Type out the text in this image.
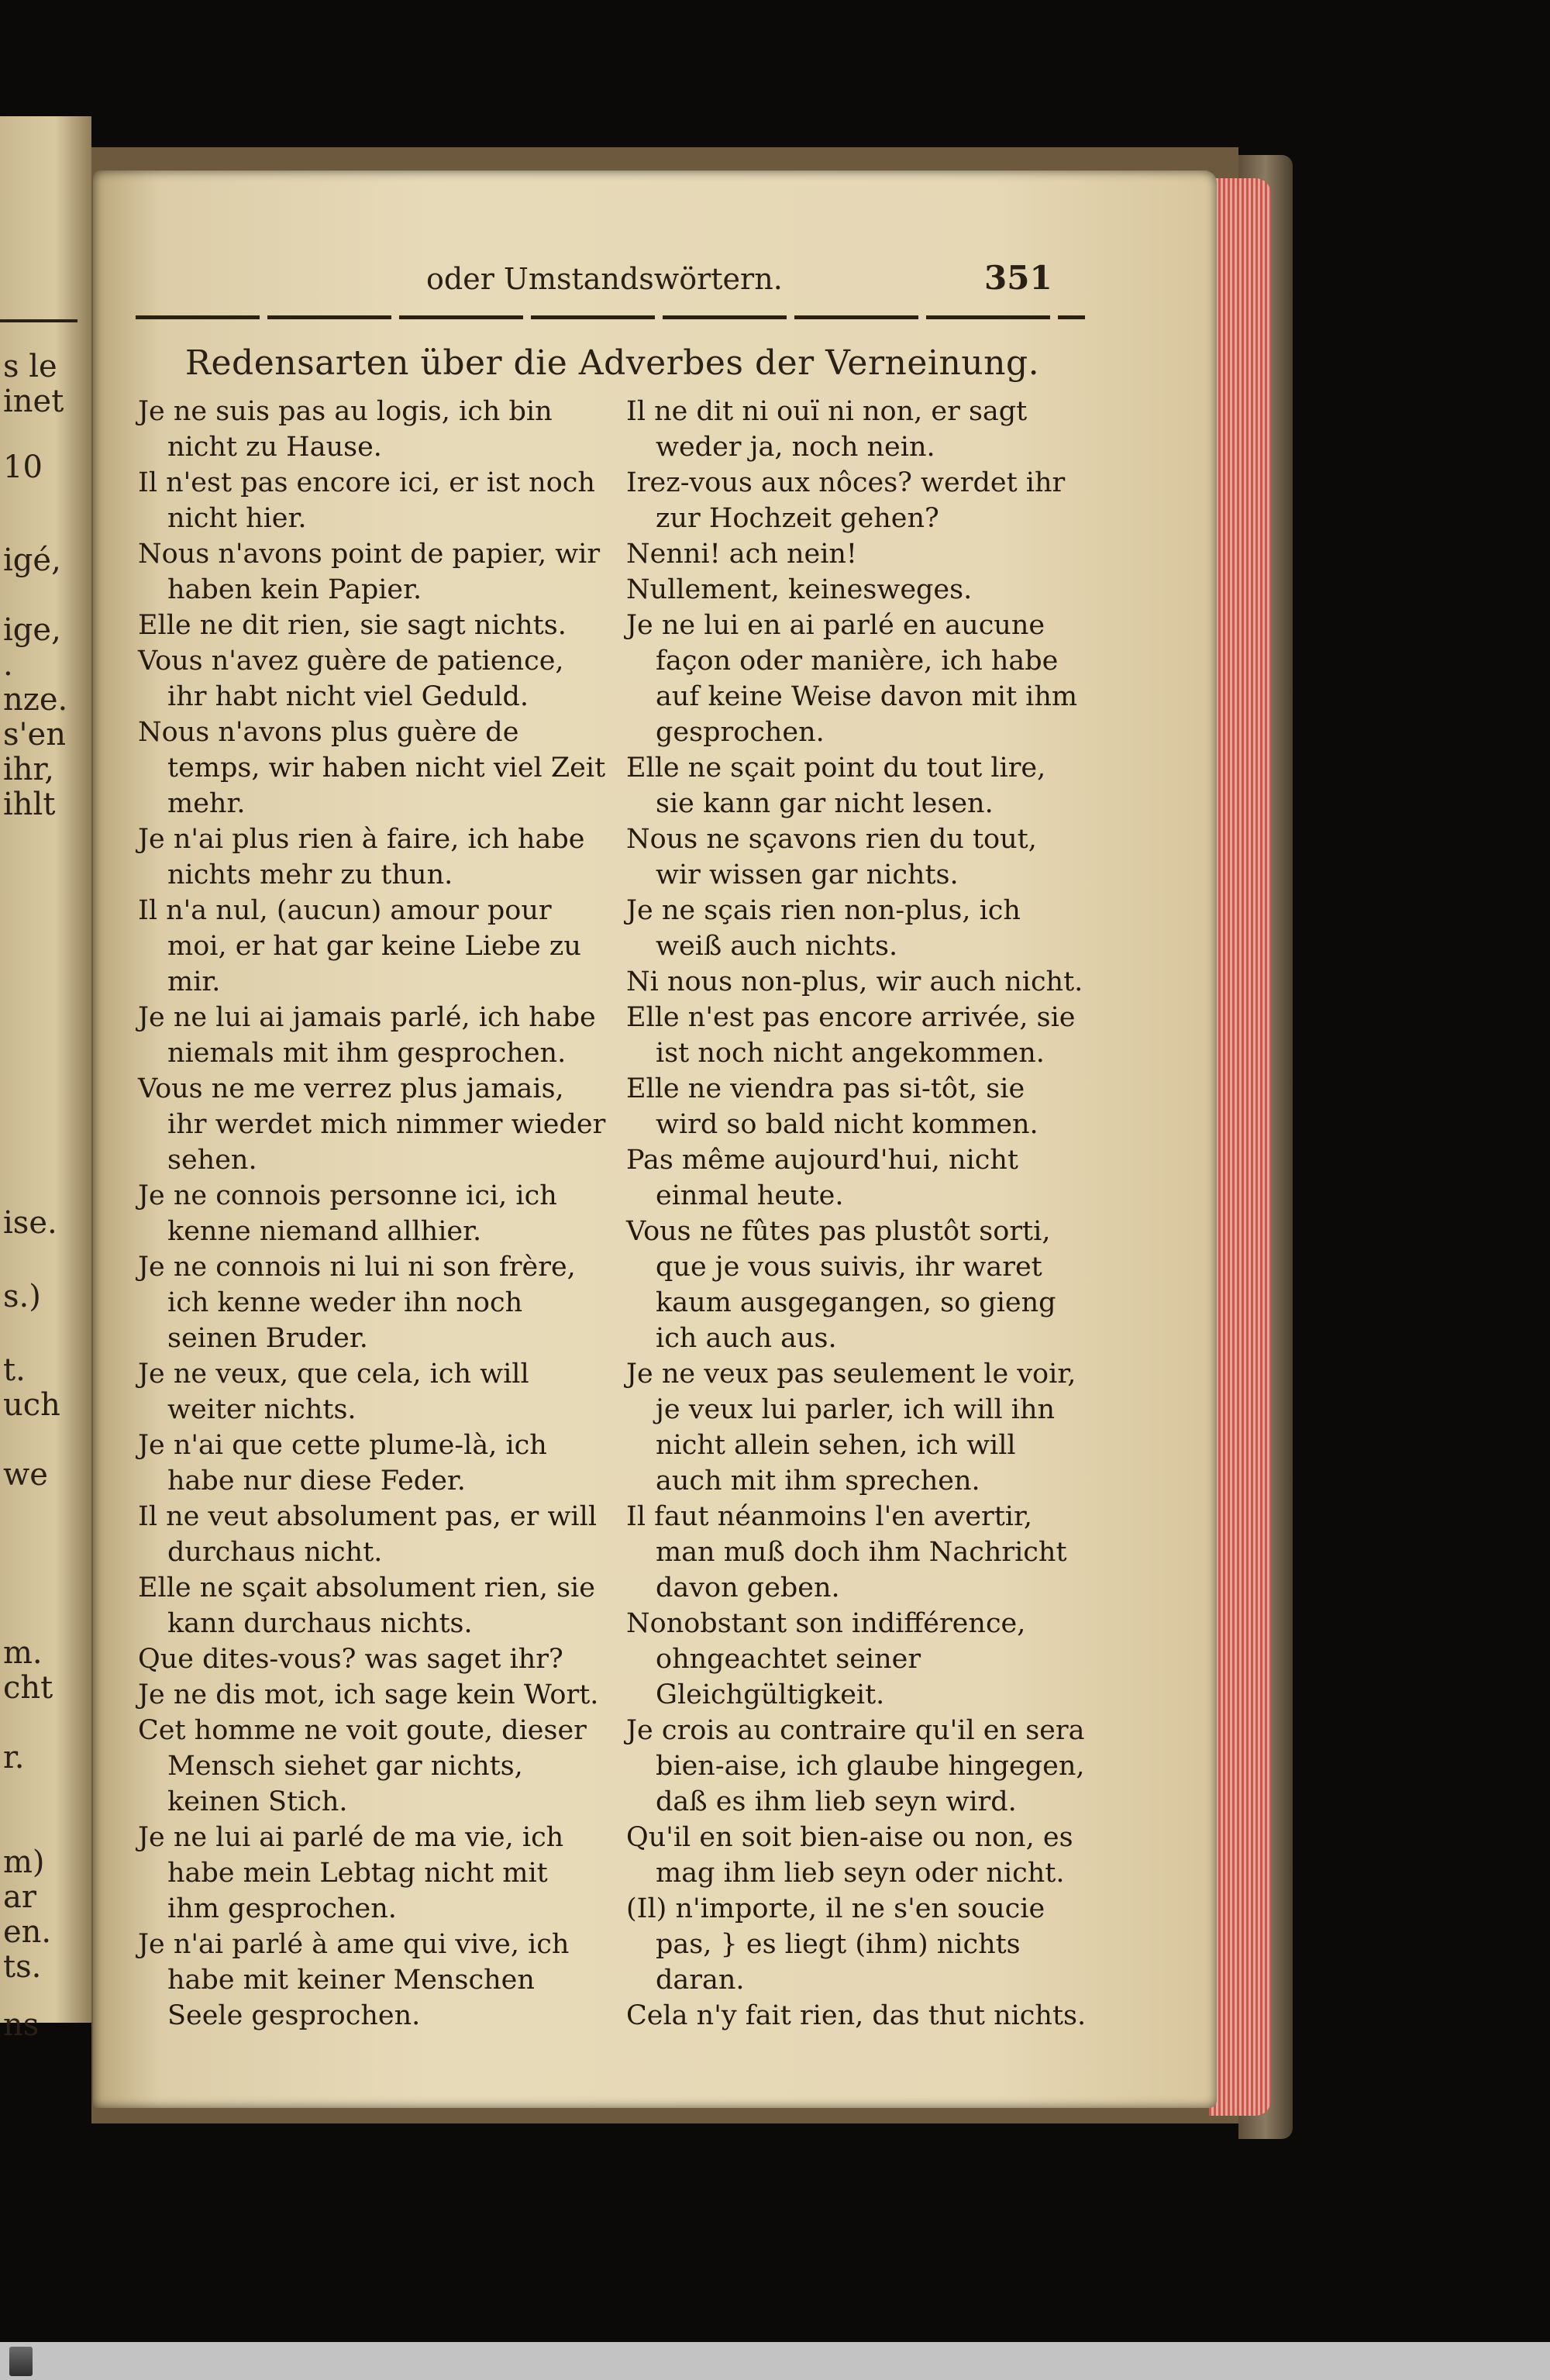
s le
inet
10
igé,
ige,
.
nze.
s'en
ihr,
ihlt
ise.
s.)
t.
uch
we
m.
cht
r.
m)
ar
en.
ts.
ns
oder Umstandswörtern.	351
Redensarten über die Adverbes der Verneinung.
Je ne suis pas au logis, ich bin nicht zu Hause.
Il n'est pas encore ici, er ist noch nicht hier.
Nous n'avons point de papier, wir haben kein Papier.
Elle ne dit rien, sie sagt nichts.
Vous n'avez guère de patience, ihr habt nicht viel Geduld.
Nous n'avons plus guère de temps, wir haben nicht viel Zeit mehr.
Je n'ai plus rien à faire, ich habe nichts mehr zu thun.
Il n'a nul, (aucun) amour pour moi, er hat gar keine Liebe zu mir.
Je ne lui ai jamais parlé, ich habe niemals mit ihm gesprochen.
Vous ne me verrez plus jamais, ihr werdet mich nimmer wieder sehen.
Je ne connois personne ici, ich kenne niemand allhier.
Je ne connois ni lui ni son frère, ich kenne weder ihn noch seinen Bruder.
Je ne veux, que cela, ich will weiter nichts.
Je n'ai que cette plume-là, ich habe nur diese Feder.
Il ne veut absolument pas, er will durchaus nicht.
Elle ne sçait absolument rien, sie kann durchaus nichts.
Que dites-vous? was saget ihr?
Je ne dis mot, ich sage kein Wort.
Cet homme ne voit goute, dieser Mensch siehet gar nichts, keinen Stich.
Je ne lui ai parlé de ma vie, ich habe mein Lebtag nicht mit ihm gesprochen.
Je n'ai parlé à ame qui vive, ich habe mit keiner Menschen Seele gesprochen.
Il ne dit ni ouï ni non, er sagt weder ja, noch nein.
Irez-vous aux nôces? werdet ihr zur Hochzeit gehen?
Nenni! ach nein!
Nullement, keinesweges.
Je ne lui en ai parlé en aucune façon oder manière, ich habe auf keine Weise davon mit ihm gesprochen.
Elle ne sçait point du tout lire, sie kann gar nicht lesen.
Nous ne sçavons rien du tout, wir wissen gar nichts.
Je ne sçais rien non-plus, ich weiß auch nichts.
Ni nous non-plus, wir auch nicht.
Elle n'est pas encore arrivée, sie ist noch nicht angekommen.
Elle ne viendra pas si-tôt, sie wird so bald nicht kommen.
Pas même aujourd'hui, nicht einmal heute.
Vous ne fûtes pas plustôt sorti, que je vous suivis, ihr waret kaum ausgegangen, so gieng ich auch aus.
Je ne veux pas seulement le voir, je veux lui parler, ich will ihn nicht allein sehen, ich will auch mit ihm sprechen.
Il faut néanmoins l'en avertir, man muß doch ihm Nachricht davon geben.
Nonobstant son indifférence, ohngeachtet seiner Gleichgültigkeit.
Je crois au contraire qu'il en sera bien-aise, ich glaube hingegen, daß es ihm lieb seyn wird.
Qu'il en soit bien-aise ou non, es mag ihm lieb seyn oder nicht.
(Il) n'importe, il ne s'en soucie pas, } es liegt (ihm) nichts daran.
Cela n'y fait rien, das thut nichts.
